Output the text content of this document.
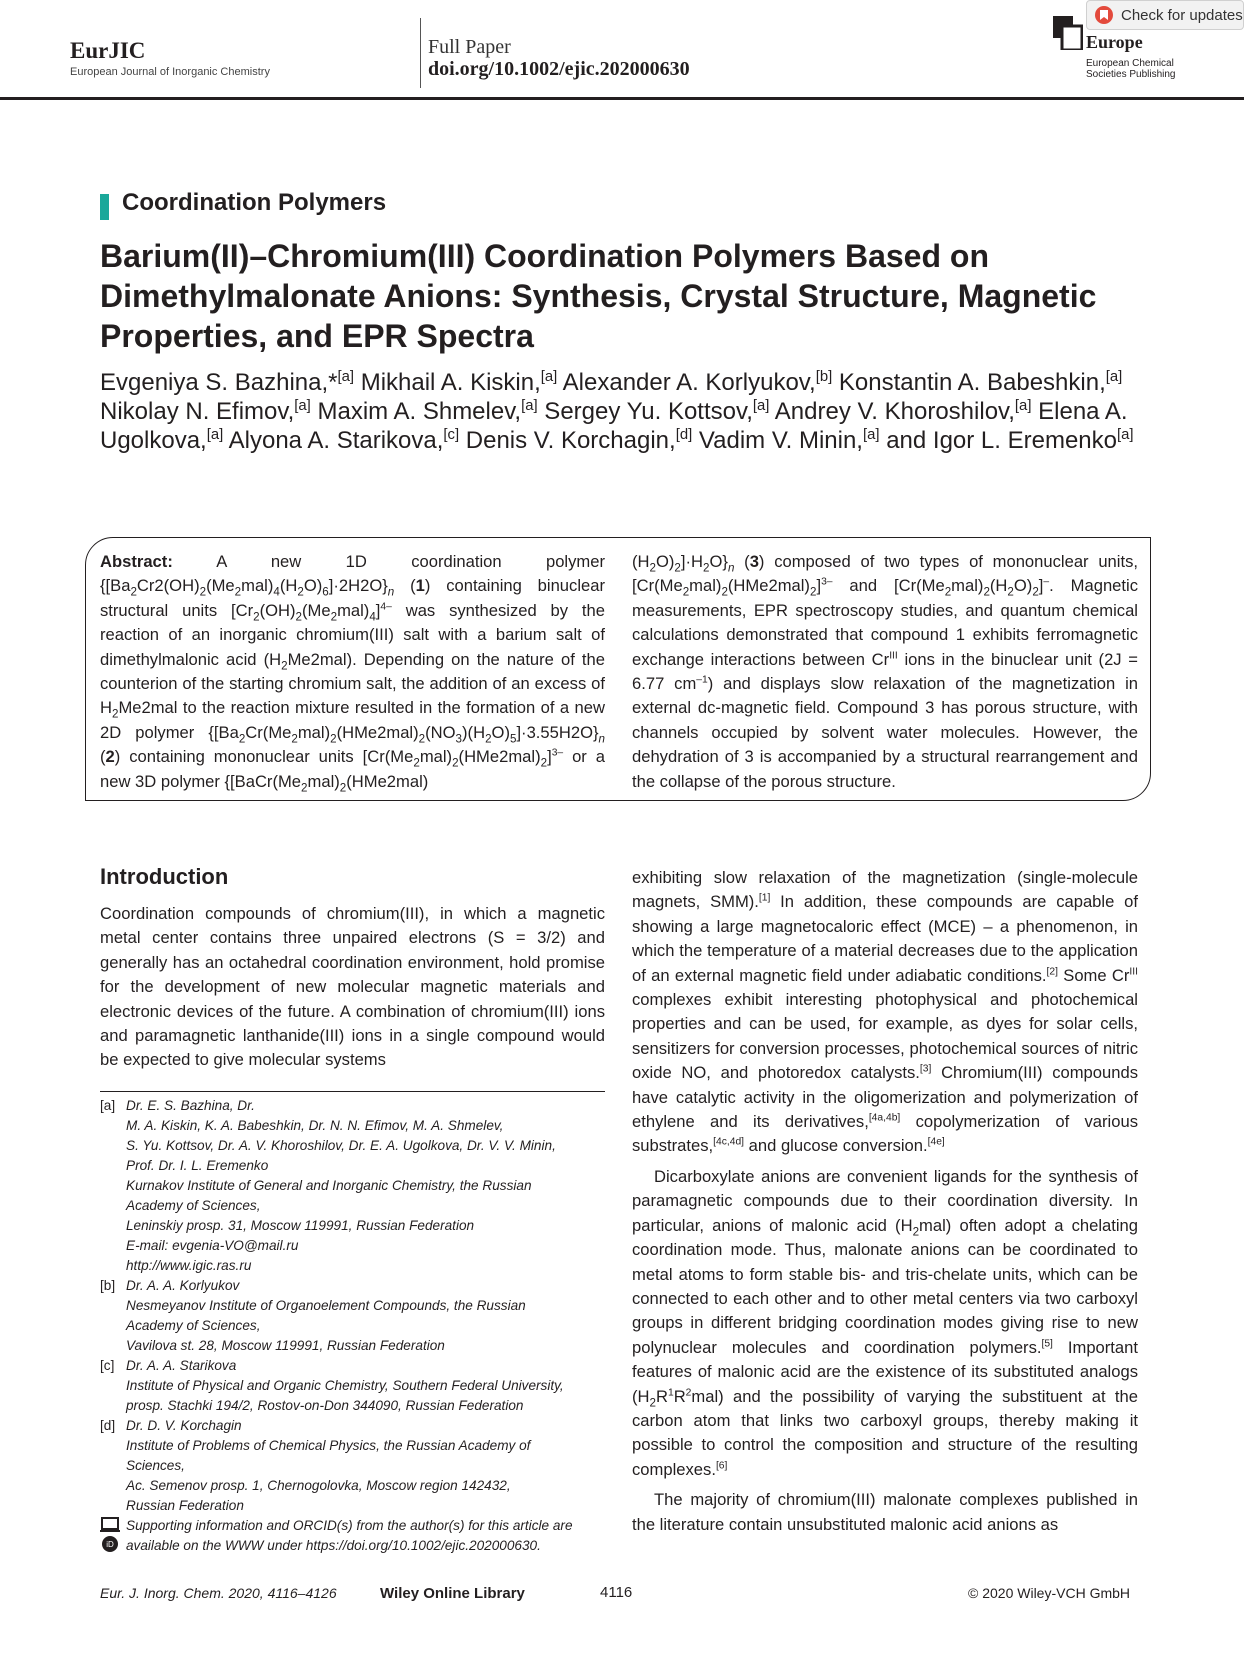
EurJIC
European Journal of Inorganic Chemistry
Full Paper
doi.org/10.1002/ejic.202000630
Europe
European Chemical
Societies Publishing
Check for updates
Coordination Polymers
Barium(II)–Chromium(III) Coordination Polymers Based on Dimethylmalonate Anions: Synthesis, Crystal Structure, Magnetic Properties, and EPR Spectra
Evgeniya S. Bazhina,*[a] Mikhail A. Kiskin,[a] Alexander A. Korlyukov,[b] Konstantin A. Babeshkin,[a] Nikolay N. Efimov,[a] Maxim A. Shmelev,[a] Sergey Yu. Kottsov,[a] Andrey V. Khoroshilov,[a] Elena A. Ugolkova,[a] Alyona A. Starikova,[c] Denis V. Korchagin,[d] Vadim V. Minin,[a] and Igor L. Eremenko[a]
Abstract: A new 1D coordination polymer $\{[Ba_2Cr2(OH)_2(Me_2mal)_4(H_2O)_6]\cdot 2H2O\}_n$ (1) containing binuclear structural units $[Cr_2(OH)_2(Me_2mal)_4]^{4-}$ was synthesized by the reaction of an inorganic chromium(III) salt with a barium salt of dimethylmalonic acid $(H_2Me2mal)$. Depending on the nature of the counterion of the starting chromium salt, the addition of an excess of $H_2Me2mal$ to the reaction mixture resulted in the formation of a new 2D polymer $\{[Ba_2Cr(Me_2mal)_2(HMe2mal)_2(NO_3)(H_2O)_5]\cdot 3.55H2O\}_n$ (2) containing mononuclear units $[Cr(Me_2mal)_2(HMe2mal)_2]^{3-}$ or a new 3D polymer {[$BaCr(Me_2mal)_2(HMe2mal)$
$(H_2O)_2]\cdot H_2O\}_n$ (3) composed of two types of mononuclear units, $[Cr(Me_2mal)_2(HMe2mal)_2]^{3-}$ and $[Cr(Me_2mal)_2(H_2O)_2]^-$. Magnetic measurements, EPR spectroscopy studies, and quantum chemical calculations demonstrated that compound 1 exhibits ferromagnetic exchange interactions between $Cr^{III}$ ions in the binuclear unit (2J = 6.77 $cm^{-1}$) and displays slow relaxation of the magnetization in external dc-magnetic field. Compound 3 has porous structure, with channels occupied by solvent water molecules. However, the dehydration of 3 is accompanied by a structural rearrangement and the collapse of the porous structure.
Introduction

Coordination compounds of chromium(III), in which a magnetic metal center contains three unpaired electrons (S = 3/2) and generally has an octahedral coordination environment, hold promise for the development of new molecular magnetic materials and electronic devices of the future. A combination of chromium(III) ions and paramagnetic lanthanide(III) ions in a single compound would be expected to give molecular systems

exhibiting slow relaxation of the magnetization (single-molecule magnets, SMM).[1] In addition, these compounds are capable of showing a large magnetocaloric effect (MCE) – a phenomenon, in which the temperature of a material decreases due to the application of an external magnetic field under adiabatic conditions.[2] Some $Cr^{III}$ complexes exhibit interesting photophysical and photochemical properties and can be used, for example, as dyes for solar cells, sensitizers for conversion processes, photochemical sources of nitric oxide NO, and photoredox catalysts.[3] Chromium(III) compounds have catalytic activity in the oligomerization and polymerization of ethylene and its derivatives,[4a,4b] copolymerization of various substrates,[4c,4d] and glucose conversion.[4e]

Dicarboxylate anions are convenient ligands for the synthesis of paramagnetic compounds due to their coordination diversity. In particular, anions of malonic acid $(H_2mal)$ often adopt a chelating coordination mode. Thus, malonate anions can be coordinated to metal atoms to form stable bis- and tris-chelate units, which can be connected to each other and to other metal centers via two carboxyl groups in different bridging coordination modes giving rise to new polynuclear molecules and coordination polymers.[5] Important features of malonic acid are the existence of its substituted analogs $(H_2R^1R^2mal)$ and the possibility of varying the substituent at the carbon atom that links two carboxyl groups, thereby making it possible to control the composition and structure of the resulting complexes.[6]

The majority of chromium(III) malonate complexes published in the literature contain unsubstituted malonic acid anions as

[a] Dr. E. S. Bazhina, Dr.
M. A. Kiskin, K. A. Babeshkin, Dr. N. N. Efimov, M. A. Shmelev,
S. Yu. Kottsov, Dr. A. V. Khoroshilov, Dr. E. A. Ugolkova, Dr. V. V. Minin,
Prof. Dr. I. L. Eremenko
Kurnakov Institute of General and Inorganic Chemistry, the Russian
Academy of Sciences,
Leninskiy prosp. 31, Moscow 119991, Russian Federation
E-mail: evgenia-VO@mail.ru
http://www.igic.ras.ru
[b] Dr. A. A. Korlyukov
Nesmeyanov Institute of Organoelement Compounds, the Russian
Academy of Sciences,
Vavilova st. 28, Moscow 119991, Russian Federation
[c] Dr. A. A. Starikova
Institute of Physical and Organic Chemistry, Southern Federal University,
prosp. Stachki 194/2, Rostov-on-Don 344090, Russian Federation
[d] Dr. D. V. Korchagin
Institute of Problems of Chemical Physics, the Russian Academy of
Sciences,
Ac. Semenov prosp. 1, Chernogolovka, Moscow region 142432,
Russian Federation
iD
Supporting information and ORCID(s) from the author(s) for this article are
available on the WWW under https://doi.org/10.1002/ejic.202000630.
Eur. J. Inorg. Chem. 2020, 4116–4126	Wiley Online Library	4116	© 2020 Wiley-VCH GmbH
